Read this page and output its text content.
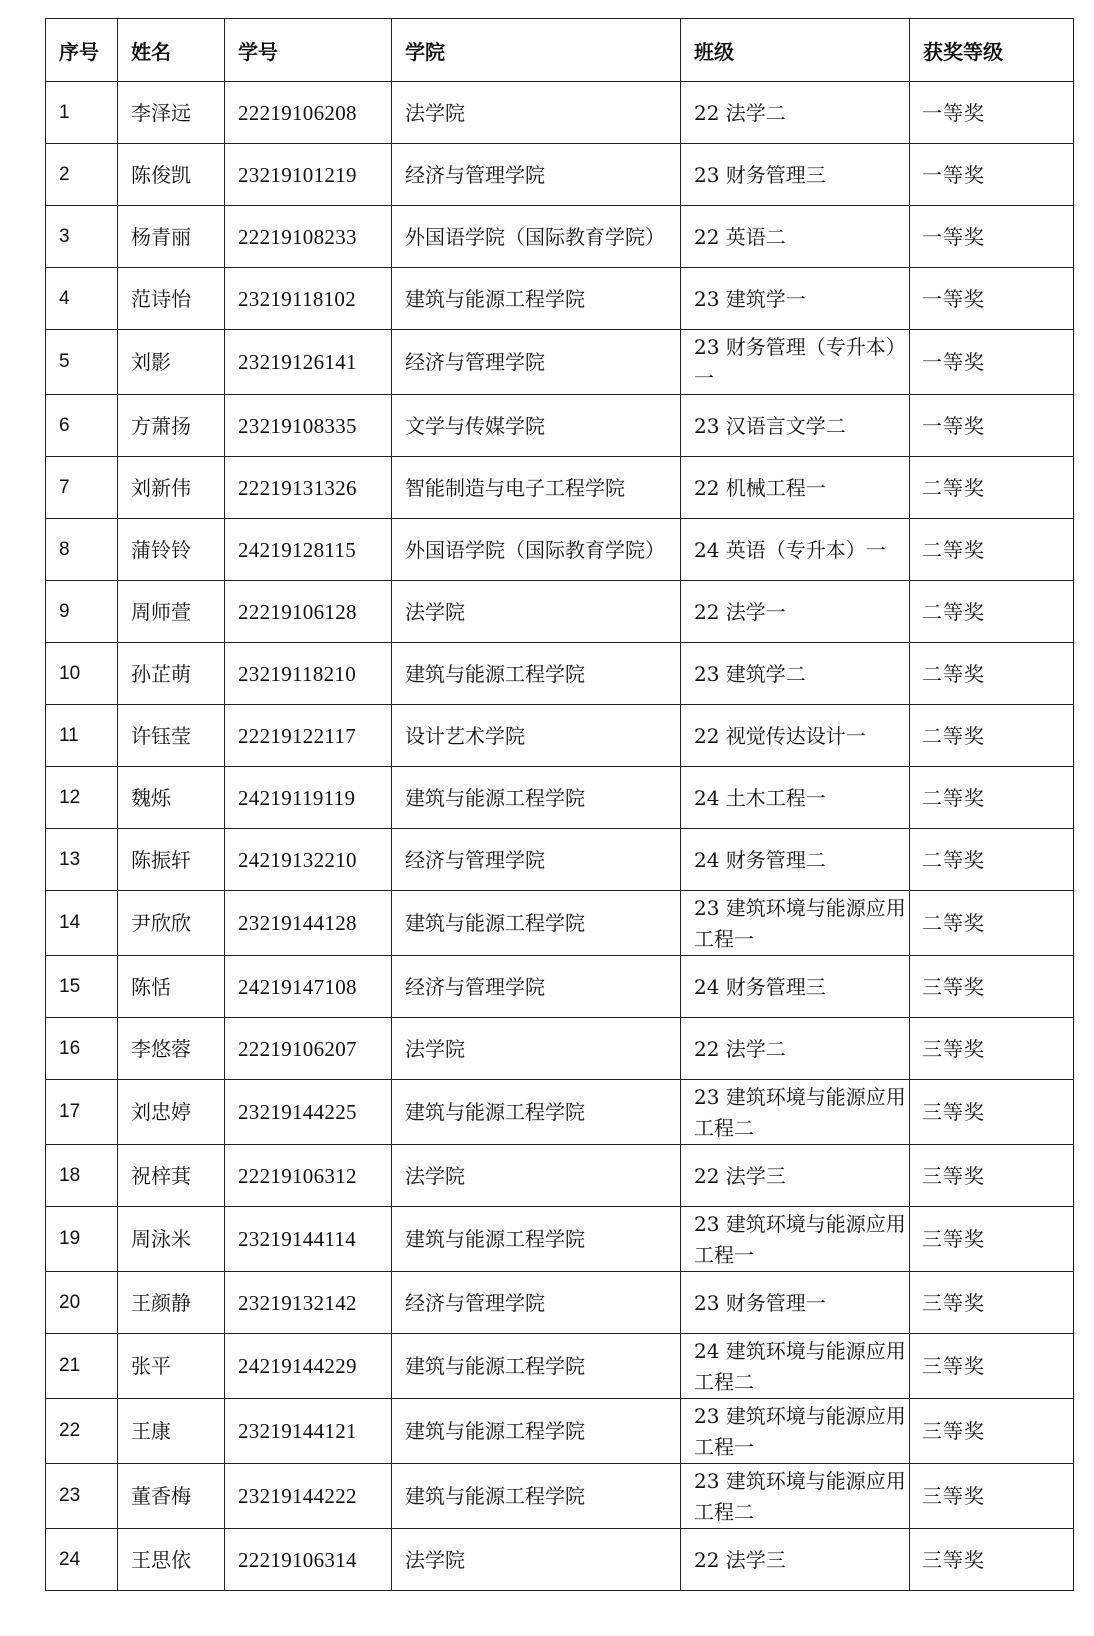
序号	姓名	学号	学院	班级	获奖等级
1	李泽远	22219106208	法学院	22 法学二	一等奖
2	陈俊凯	23219101219	经济与管理学院	23 财务管理三	一等奖
3	杨青丽	22219108233	外国语学院（国际教育学院）	22 英语二	一等奖
4	范诗怡	23219118102	建筑与能源工程学院	23 建筑学一	一等奖
5	刘影	23219126141	经济与管理学院	23 财务管理（专升本）一	一等奖
6	方萧扬	23219108335	文学与传媒学院	23 汉语言文学二	一等奖
7	刘新伟	22219131326	智能制造与电子工程学院	22 机械工程一	二等奖
8	蒲铃铃	24219128115	外国语学院（国际教育学院）	24 英语（专升本）一	二等奖
9	周师萱	22219106128	法学院	22 法学一	二等奖
10	孙芷萌	23219118210	建筑与能源工程学院	23 建筑学二	二等奖
11	许钰莹	22219122117	设计艺术学院	22 视觉传达设计一	二等奖
12	魏烁	24219119119	建筑与能源工程学院	24 土木工程一	二等奖
13	陈振轩	24219132210	经济与管理学院	24 财务管理二	二等奖
14	尹欣欣	23219144128	建筑与能源工程学院	23 建筑环境与能源应用工程一	二等奖
15	陈恬	24219147108	经济与管理学院	24 财务管理三	三等奖
16	李悠蓉	22219106207	法学院	22 法学二	三等奖
17	刘忠婷	23219144225	建筑与能源工程学院	23 建筑环境与能源应用工程二	三等奖
18	祝梓萁	22219106312	法学院	22 法学三	三等奖
19	周泳米	23219144114	建筑与能源工程学院	23 建筑环境与能源应用工程一	三等奖
20	王颜静	23219132142	经济与管理学院	23 财务管理一	三等奖
21	张平	24219144229	建筑与能源工程学院	24 建筑环境与能源应用工程二	三等奖
22	王康	23219144121	建筑与能源工程学院	23 建筑环境与能源应用工程一	三等奖
23	董香梅	23219144222	建筑与能源工程学院	23 建筑环境与能源应用工程二	三等奖
24	王思依	22219106314	法学院	22 法学三	三等奖
